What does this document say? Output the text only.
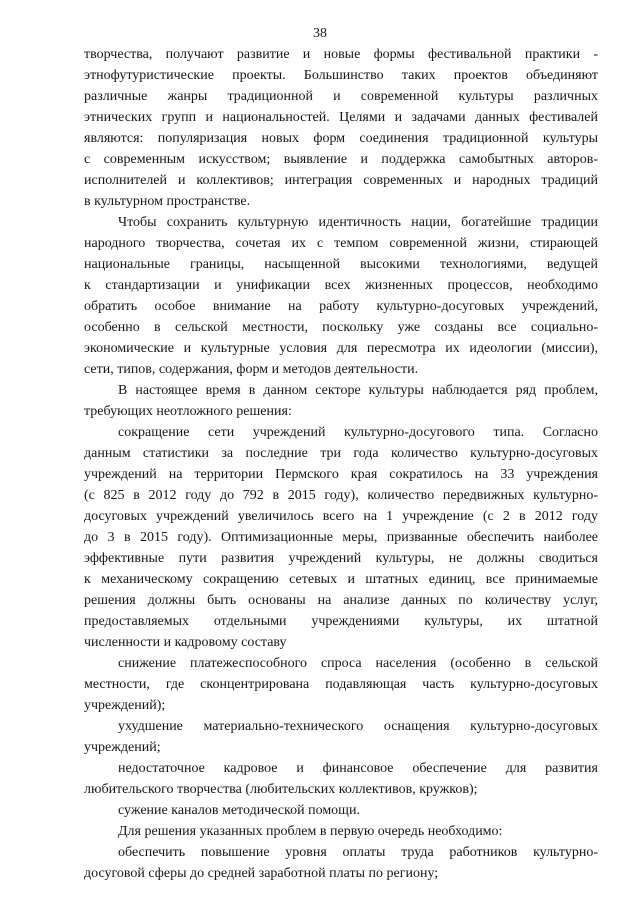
38
творчества, получают развитие и новые формы фестивальной практики -
этнофутуристические проекты. Большинство таких проектов объединяют
различные жанры традиционной и современной культуры различных
этнических групп и национальностей. Целями и задачами данных фестивалей
являются: популяризация новых форм соединения традиционной культуры
с современным искусством; выявление и поддержка самобытных авторов-
исполнителей и коллективов; интеграция современных и народных традиций
в культурном пространстве.
Чтобы сохранить культурную идентичность нации, богатейшие традиции
народного творчества, сочетая их с темпом современной жизни, стирающей
национальные границы, насыщенной высокими технологиями, ведущей
к стандартизации и унификации всех жизненных процессов, необходимо
обратить особое внимание на работу культурно-досуговых учреждений,
особенно в сельской местности, поскольку уже созданы все социально-
экономические и культурные условия для пересмотра их идеологии (миссии),
сети, типов, содержания, форм и методов деятельности.
В настоящее время в данном секторе культуры наблюдается ряд проблем,
требующих неотложного решения:
сокращение сети учреждений культурно-досугового типа. Согласно
данным статистики за последние три года количество культурно-досуговых
учреждений на территории Пермского края сократилось на 33 учреждения
(с 825 в 2012 году до 792 в 2015 году), количество передвижных культурно-
досуговых учреждений увеличилось всего на 1 учреждение (с 2 в 2012 году
до 3 в 2015 году). Оптимизационные меры, призванные обеспечить наиболее
эффективные пути развития учреждений культуры, не должны сводиться
к механическому сокращению сетевых и штатных единиц, все принимаемые
решения должны быть основаны на анализе данных по количеству услуг,
предоставляемых отдельными учреждениями культуры, их штатной
численности и кадровому составу
снижение платежеспособного спроса населения (особенно в сельской
местности, где сконцентрирована подавляющая часть культурно-досуговых
учреждений);
ухудшение материально-технического оснащения культурно-досуговых
учреждений;
недостаточное кадровое и финансовое обеспечение для развития
любительского творчества (любительских коллективов, кружков);
сужение каналов методической помощи.
Для решения указанных проблем в первую очередь необходимо:
обеспечить повышение уровня оплаты труда работников культурно-
досуговой сферы до средней заработной платы по региону;
